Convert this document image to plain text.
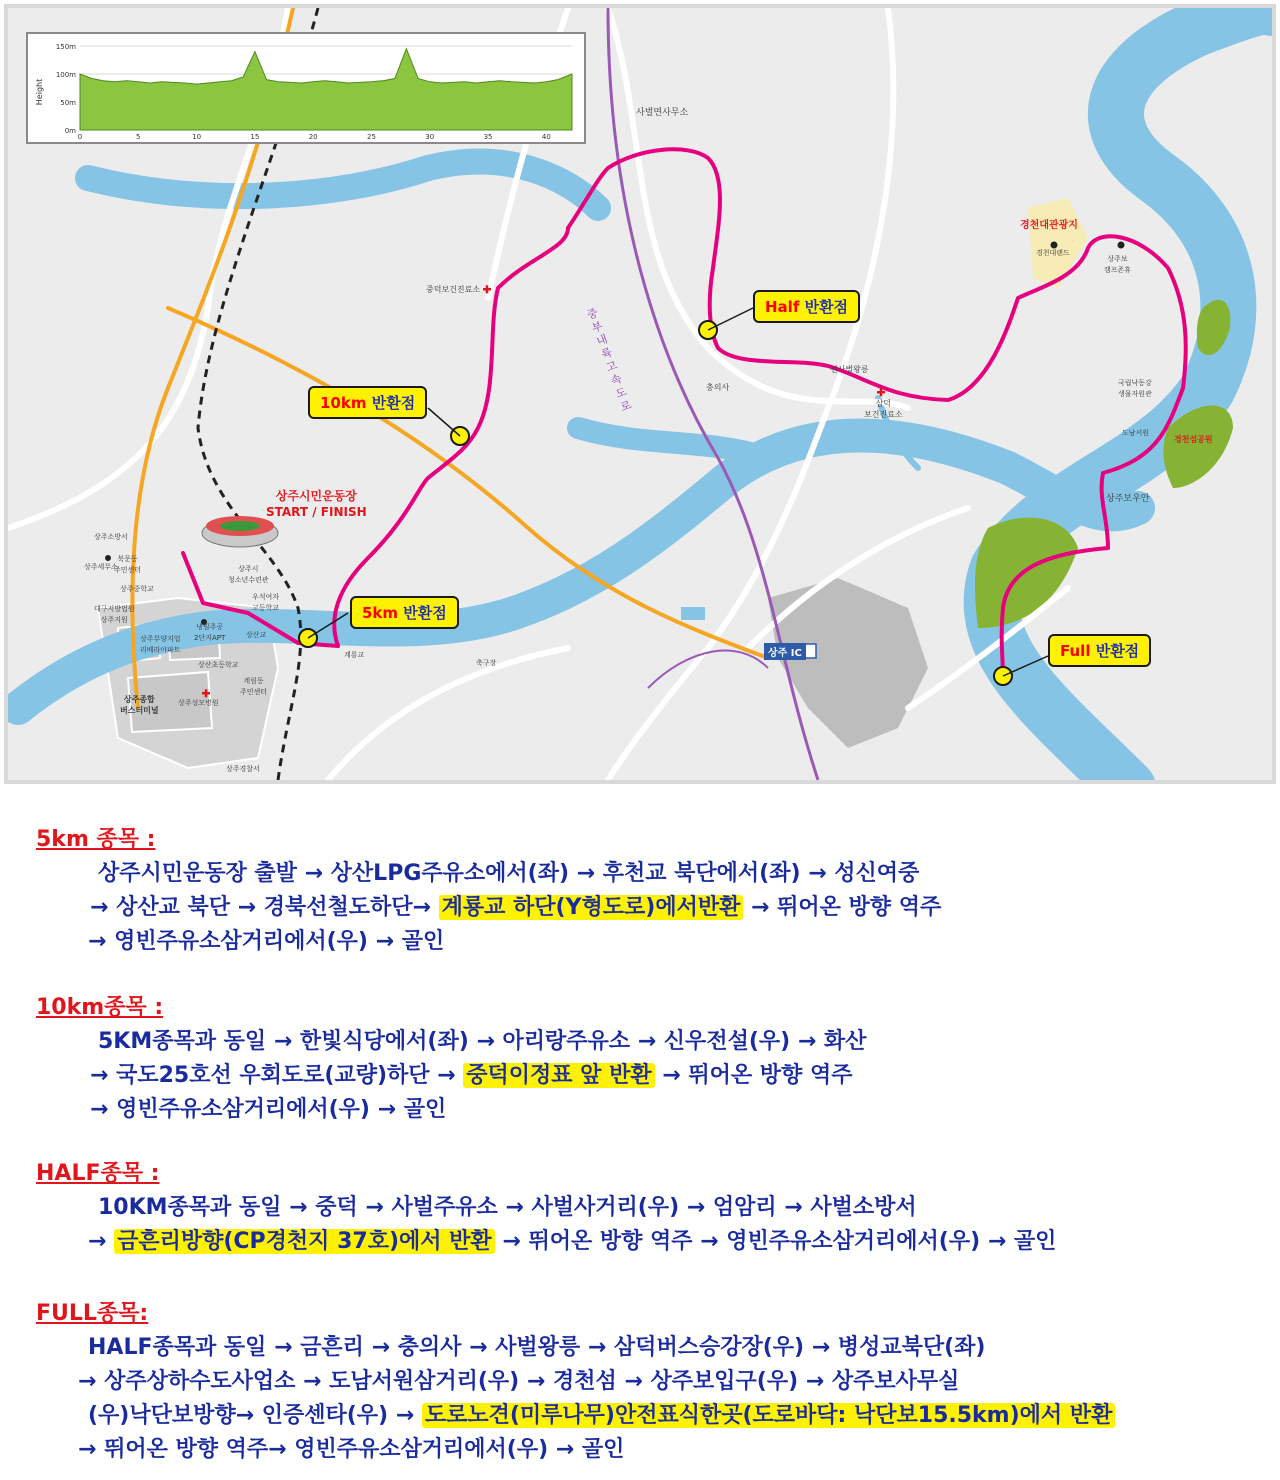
150m
100m
50m
0m
0	5	10	15	20	25	30	35	40
Height
5km 반환점
10km 반환점
Half 반환점
Full 반환점
상주시민운동장
START / FINISH
사벌면사무소
중덕보건진료소
중부내륙고속도로
충의사
전사벌왕릉
삼덕
보건진료소
경천대관광지
경천대랜드
상주보
캠프존휴
국립낙동강
생물자원관
도남서원
경천섬공원
상주보우안
상주 IC
상주소방서
상주세무소
북문동
주민센터
상주중학교
대구지방법원
상주지원
상주시
청소년수련관
우석여자
고등학교
냉림주공
2단지APT
상주무양지업
리베라아파트
상산초등학교
계림동
주민센터
상주종합
버스터미널
상주성모병원
상산교
계룡교
축구장
상주경찰서
5km 종목 :
상주시민운동장 출발 → 상산LPG주유소에서(좌) → 후천교 북단에서(좌) → 성신여중
→ 상산교 북단 → 경북선철도하단→ 계룡교 하단(Y형도로)에서반환 → 뛰어온 방향 역주
→ 영빈주유소삼거리에서(우) → 골인
10km종목 :
5KM종목과 동일 → 한빛식당에서(좌) → 아리랑주유소 → 신우전설(우) → 화산
→ 국도25호선 우회도로(교량)하단 → 중덕이정표 앞 반환 → 뛰어온 방향 역주
→ 영빈주유소삼거리에서(우) → 골인
HALF종목 :
10KM종목과 동일 → 중덕 → 사벌주유소 → 사벌사거리(우) → 엄암리 → 사벌소방서
→ 금흔리방향(CP경천지 37호)에서 반환 → 뛰어온 방향 역주 → 영빈주유소삼거리에서(우) → 골인
FULL종목:
HALF종목과 동일 → 금흔리 → 충의사 → 사벌왕릉 → 삼덕버스승강장(우) → 병성교북단(좌)
→ 상주상하수도사업소 → 도남서원삼거리(우) → 경천섬 → 상주보입구(우) → 상주보사무실
(우)낙단보방향→ 인증센타(우) → 도로노견(미루나무)안전표식한곳(도로바닥: 낙단보15.5km)에서 반환
→ 뛰어온 방향 역주→ 영빈주유소삼거리에서(우) → 골인
